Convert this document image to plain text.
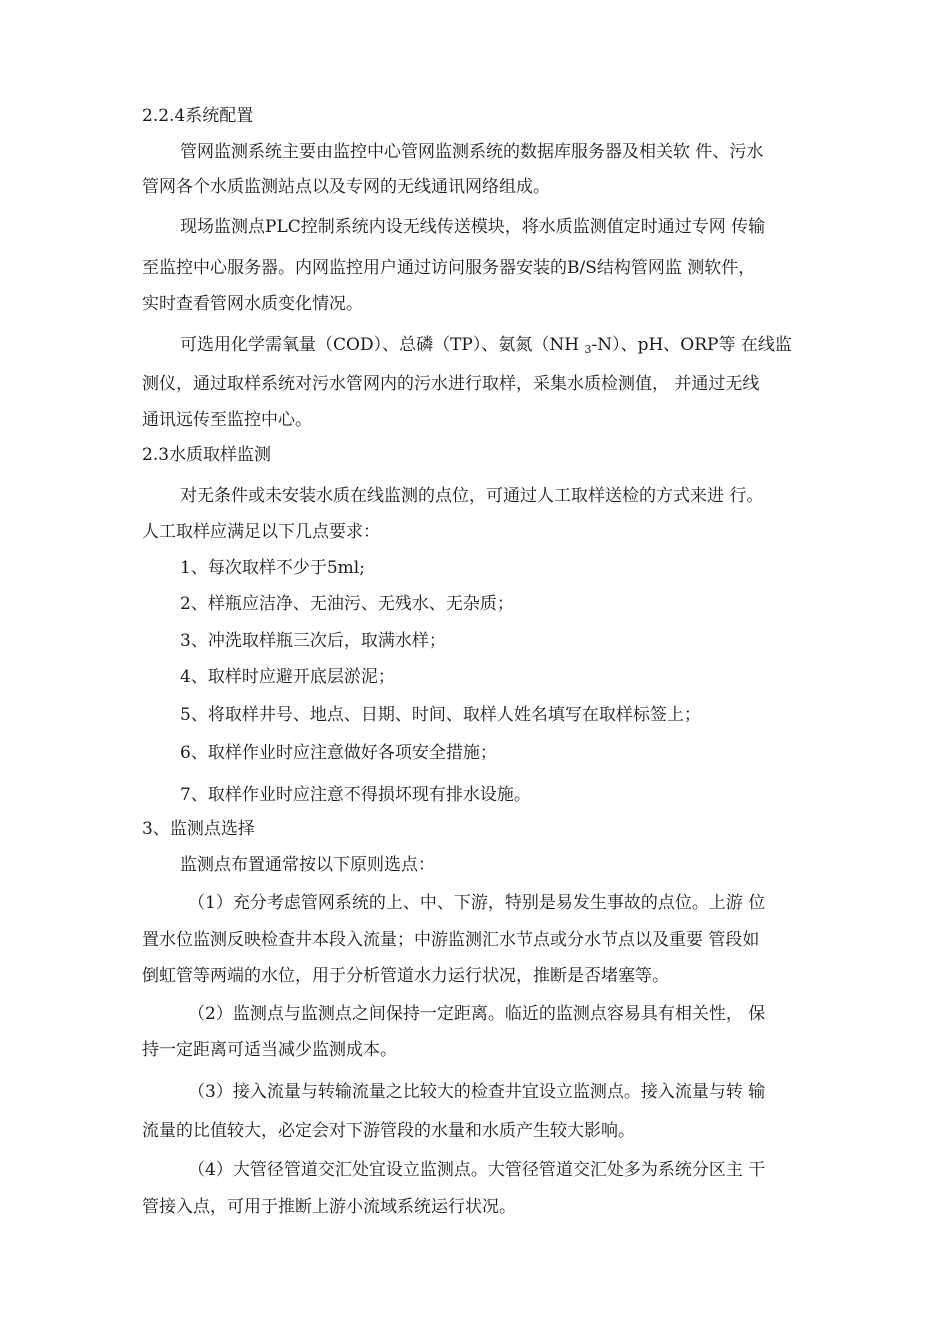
2.2.4系统配置
管网监测系统主要由监控中心管网监测系统的数据库服务器及相关软 件、污水
管网各个水质监测站点以及专网的无线通讯网络组成。
现场监测点PLC控制系统内设无线传送模块，将水质监测值定时通过专网 传输
至监控中心服务器。内网监控用户通过访问服务器安装的B/S结构管网监 测软件，
实时查看管网水质变化情况。
可选用化学需氧量（COD）、总磷（TP）、氨氮（NH $_3$-N）、pH、ORP等 在线监
测仪，通过取样系统对污水管网内的污水进行取样，采集水质检测值， 并通过无线
通讯远传至监控中心。
2.3水质取样监测
对无条件或未安装水质在线监测的点位，可通过人工取样送检的方式来进 行。
人工取样应满足以下几点要求：
1、每次取样不少于5ml;
2、样瓶应洁净、无油污、无残水、无杂质；
3、冲洗取样瓶三次后，取满水样；
4、取样时应避开底层淤泥；
5、将取样井号、地点、日期、时间、取样人姓名填写在取样标签上；
6、取样作业时应注意做好各项安全措施；
7、取样作业时应注意不得损坏现有排水设施。
3、监测点选择
监测点布置通常按以下原则选点：
（1）充分考虑管网系统的上、中、下游，特别是易发生事故的点位。上游 位
置水位监测反映检查井本段入流量；中游监测汇水节点或分水节点以及重要 管段如
倒虹管等两端的水位，用于分析管道水力运行状况，推断是否堵塞等。
（2）监测点与监测点之间保持一定距离。临近的监测点容易具有相关性， 保
持一定距离可适当减少监测成本。
（3）接入流量与转输流量之比较大的检查井宜设立监测点。接入流量与转 输
流量的比值较大，必定会对下游管段的水量和水质产生较大影响。
（4）大管径管道交汇处宜设立监测点。大管径管道交汇处多为系统分区主 干
管接入点，可用于推断上游小流域系统运行状况。
